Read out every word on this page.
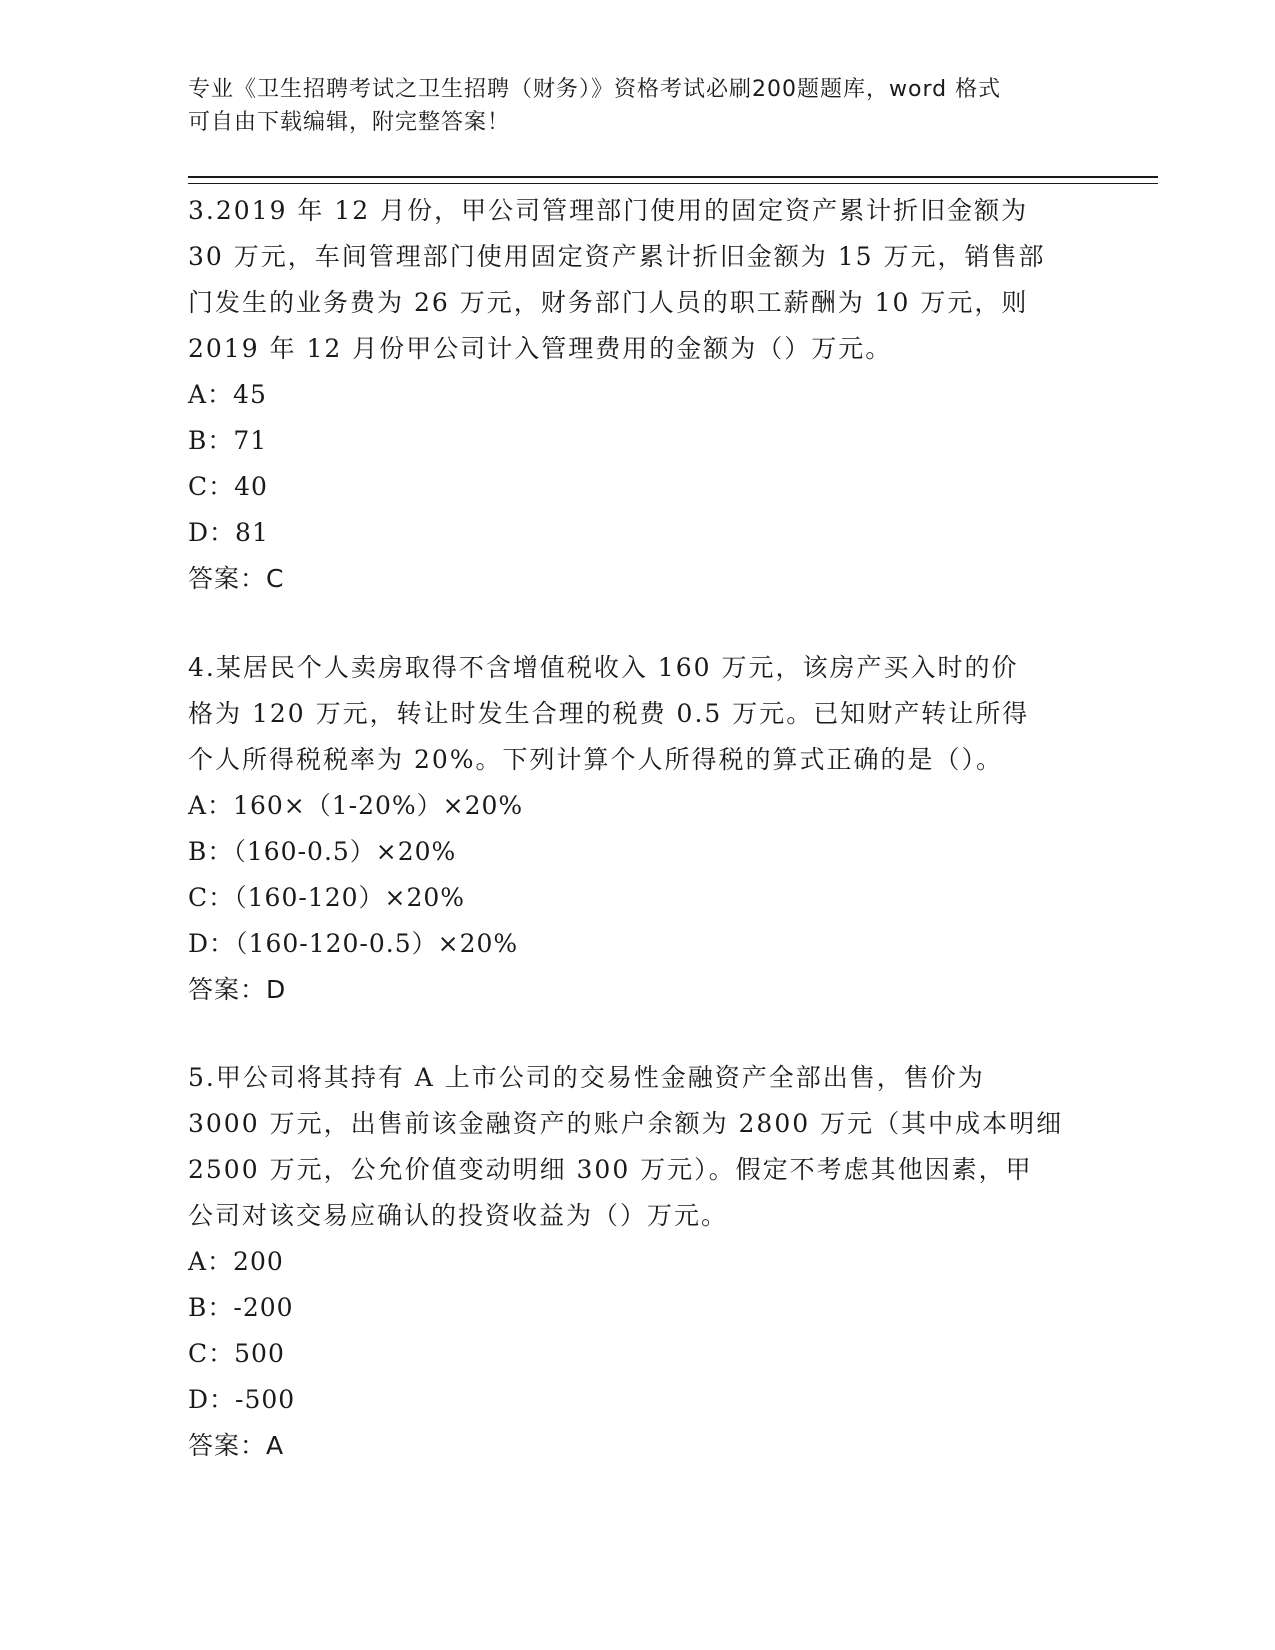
专业《卫生招聘考试之卫生招聘（财务）》资格考试必刷200题题库，word 格式
可自由下载编辑，附完整答案！
3.2019 年 12 月份，甲公司管理部门使用的固定资产累计折旧金额为
30 万元，车间管理部门使用固定资产累计折旧金额为 15 万元，销售部
门发生的业务费为 26 万元，财务部门人员的职工薪酬为 10 万元，则
2019 年 12 月份甲公司计入管理费用的金额为（）万元。
A：45
B：71
C：40
D：81
答案：C
4.某居民个人卖房取得不含增值税收入 160 万元，该房产买入时的价
格为 120 万元，转让时发生合理的税费 0.5 万元。已知财产转让所得
个人所得税税率为 20%。下列计算个人所得税的算式正确的是（）。
A：160×（1-20%）×20%
B：（160-0.5）×20%
C：（160-120）×20%
D：（160-120-0.5）×20%
答案：D
5.甲公司将其持有 A 上市公司的交易性金融资产全部出售，售价为
3000 万元，出售前该金融资产的账户余额为 2800 万元（其中成本明细
2500 万元，公允价值变动明细 300 万元）。假定不考虑其他因素，甲
公司对该交易应确认的投资收益为（）万元。
A：200
B：-200
C：500
D：-500
答案：A
